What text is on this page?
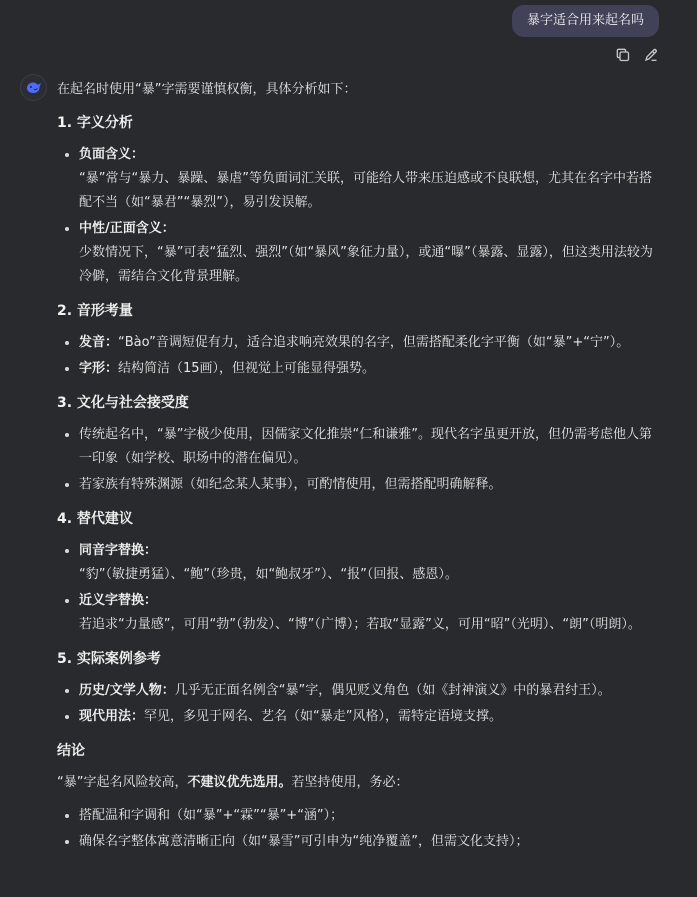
暴字适合用来起名吗

在起名时使用“暴”字需要谨慎权衡，具体分析如下：

1. 字义分析
负面含义：
“暴”常与“暴力、暴躁、暴虐”等负面词汇关联，可能给人带来压迫感或不良联想，尤其在名字中若搭配不当（如“暴君”“暴烈”），易引发误解。
中性/正面含义：
少数情况下，“暴”可表“猛烈、强烈”（如“暴风”象征力量），或通“曝”（暴露、显露），但这类用法较为冷僻，需结合文化背景理解。
2. 音形考量
发音：“Bào”音调短促有力，适合追求响亮效果的名字，但需搭配柔化字平衡（如“暴”+“宁”）。
字形：结构简洁（15画），但视觉上可能显得强势。
3. 文化与社会接受度
传统起名中，“暴”字极少使用，因儒家文化推崇“仁和谦雅”。现代名字虽更开放，但仍需考虑他人第一印象（如学校、职场中的潜在偏见）。
若家族有特殊渊源（如纪念某人某事），可酌情使用，但需搭配明确解释。
4. 替代建议
同音字替换：
“豹”（敏捷勇猛）、“鲍”（珍贵，如“鲍叔牙”）、“报”（回报、感恩）。
近义字替换：
若追求“力量感”，可用“勃”（勃发）、“博”（广博）；若取“显露”义，可用“昭”（光明）、“朗”（明朗）。
5. 实际案例参考
历史/文学人物：几乎无正面名例含“暴”字，偶见贬义角色（如《封神演义》中的暴君纣王）。
现代用法：罕见，多见于网名、艺名（如“暴走”风格），需特定语境支撑。
结论

“暴”字起名风险较高，不建议优先选用。若坚持使用，务必：

搭配温和字调和（如“暴”+“霖”“暴”+“涵”）；
确保名字整体寓意清晰正向（如“暴雪”可引申为“纯净覆盖”，但需文化支持）；
